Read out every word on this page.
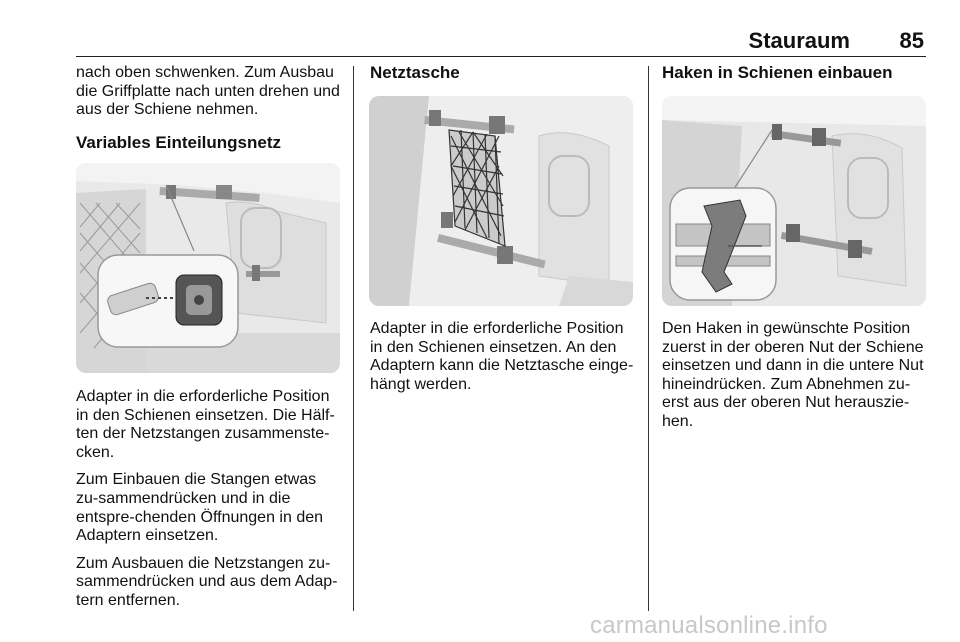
Stauraum	85

nach oben schwenken. Zum Ausbau die Griffplatte nach unten drehen und aus der Schiene nehmen.

Variables Einteilungsnetz

Adapter in die erforderliche Position in den Schienen einsetzen. Die Hälf-ten der Netzstangen zusammenste-cken.

Zum Einbauen die Stangen etwas zu-sammendrücken und in die entspre-chenden Öffnungen in den Adaptern einsetzen.

Zum Ausbauen die Netzstangen zu-sammendrücken und aus dem Adap-tern entfernen.

Netztasche

Adapter in die erforderliche Position in den Schienen einsetzen. An den Adaptern kann die Netztasche einge-hängt werden.

Haken in Schienen einbauen

Den Haken in gewünschte Position zuerst in der oberen Nut der Schiene einsetzen und dann in die untere Nut hineindrücken. Zum Abnehmen zu-erst aus der oberen Nut herauszie-hen.

carmanualsonline.info
